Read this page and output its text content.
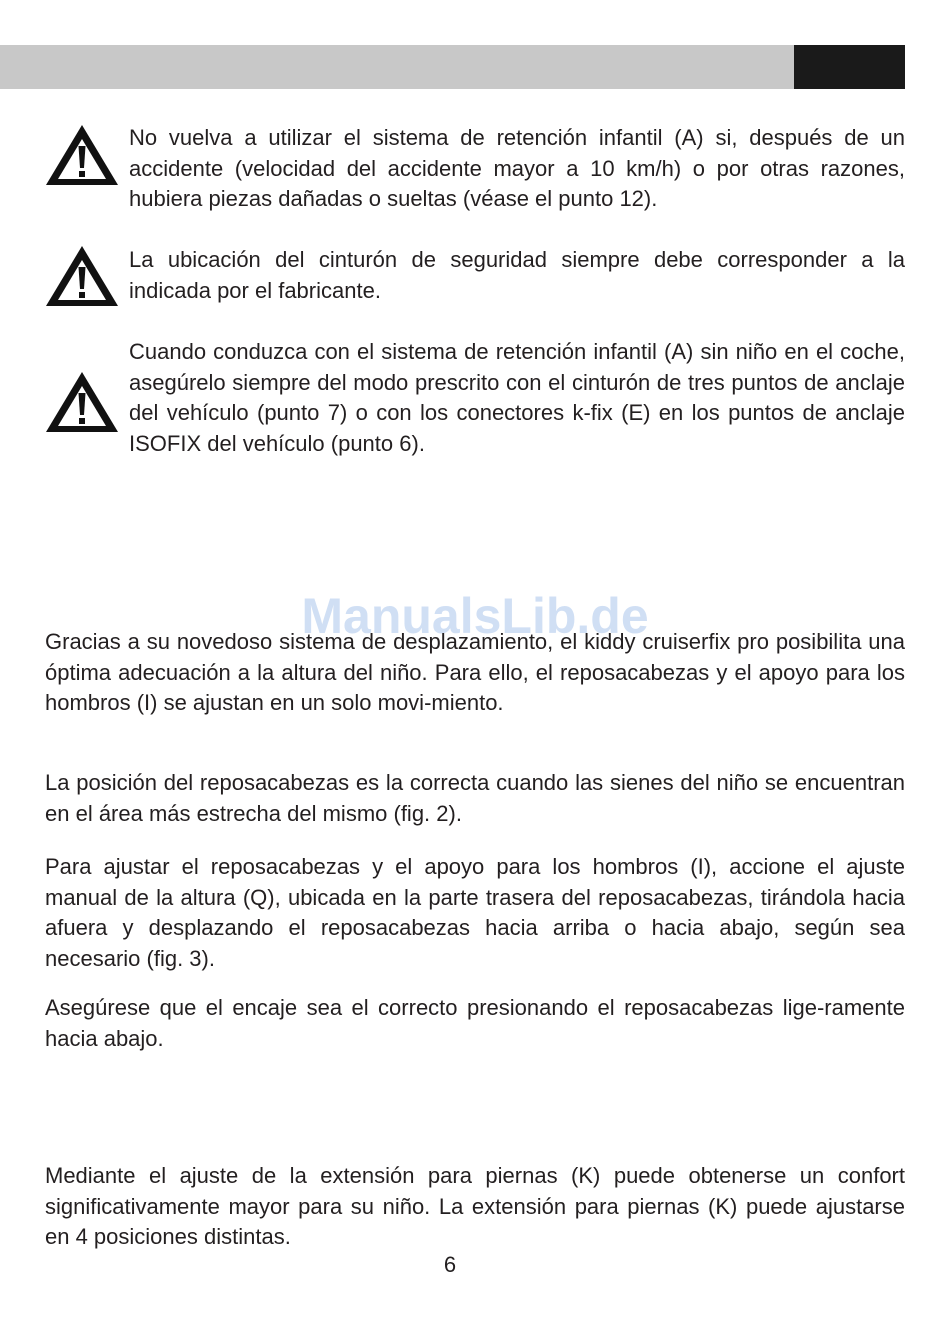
No vuelva a utilizar el sistema de retención infantil (A) si, después de un accidente (velocidad del accidente mayor a 10 km/h) o por otras razones, hubiera piezas dañadas o sueltas (véase el punto 12).

La ubicación del cinturón de seguridad siempre debe corresponder a la indicada por el fabricante.

Cuando conduzca con el sistema de retención infantil (A) sin niño en el coche, asegúrelo siempre del modo prescrito con el cinturón de tres puntos de anclaje del vehículo (punto 7) o con los conectores k-fix (E) en los puntos de anclaje ISOFIX del vehículo (punto 6).

ManualsLib.de

Gracias a su novedoso sistema de desplazamiento, el kiddy cruiserfix pro posibilita una óptima adecuación a la altura del niño. Para ello, el reposacabezas y el apoyo para los hombros (I) se ajustan en un solo movi-miento.

La posición del reposacabezas es la correcta cuando las sienes del niño se encuentran en el área más estrecha del mismo (fig. 2).

Para ajustar el reposacabezas y el apoyo para los hombros (I), accione el ajuste manual de la altura (Q), ubicada en la parte trasera del reposacabezas, tirándola hacia afuera y desplazando el reposacabezas hacia arriba o hacia abajo, según sea necesario (fig. 3).

Asegúrese que el encaje sea el correcto presionando el reposacabezas lige-ramente hacia abajo.

Mediante el ajuste de la extensión para piernas (K) puede obtenerse un confort significativamente mayor para su niño. La extensión para piernas (K) puede ajustarse en 4 posiciones distintas.

6
